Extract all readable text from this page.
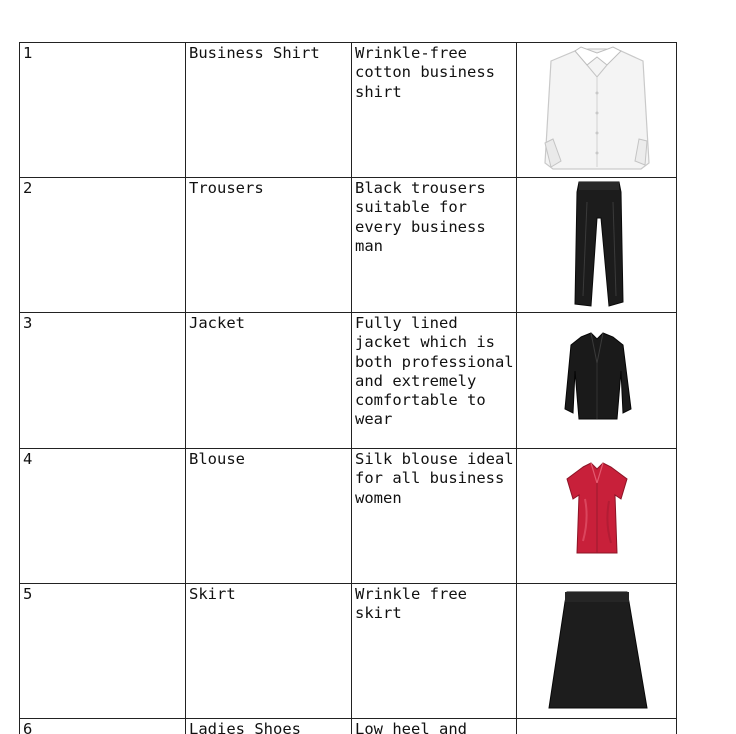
1	Business Shirt	Wrinkle-free cotton business shirt	

2	Trousers	Black trousers suitable for every business man	

3	Jacket	Fully lined jacket which is both professional and extremely comfortable to wear	

4	Blouse	Silk blouse ideal for all business women	

5	Skirt	Wrinkle free skirt	

6	Ladies Shoes	Low heel and	
